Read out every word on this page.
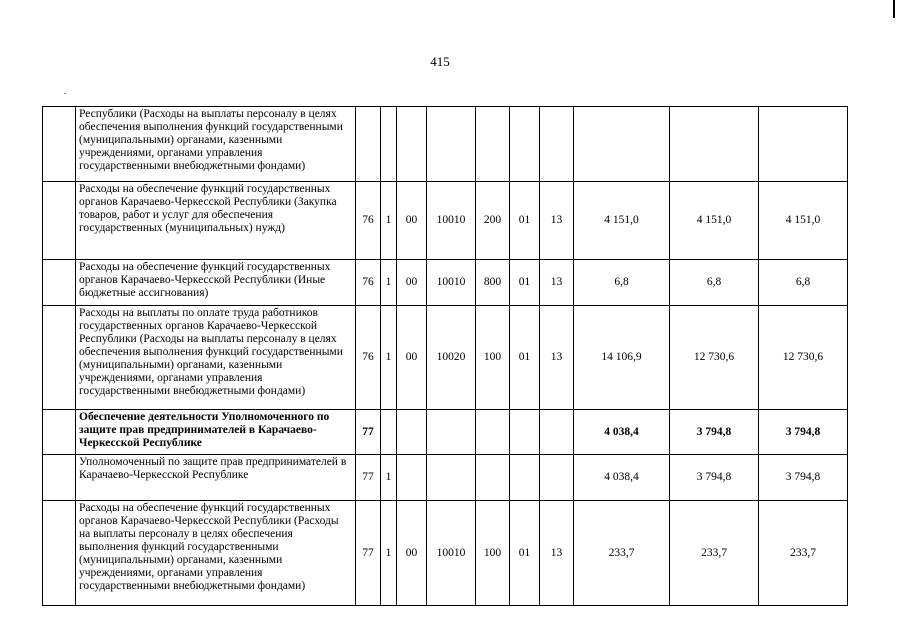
415
	Республики (Расходы на выплаты персоналу в целях обеспечения выполнения функций государственными (муниципальными) органами, казенными учреждениями, органами управления государственными внебюджетными фондами)										
	Расходы на обеспечение функций государственных органов Карачаево-Черкесской Республики (Закупка товаров, работ и услуг для обеспечения государственных (муниципальных) нужд)	76	1	00	10010	200	01	13	4 151,0	4 151,0	4 151,0
	Расходы на обеспечение функций государственных органов Карачаево-Черкесской Республики (Иные бюджетные ассигнования)	76	1	00	10010	800	01	13	6,8	6,8	6,8
	Расходы на выплаты по оплате труда работников государственных органов Карачаево-Черкесской Республики (Расходы на выплаты персоналу в целях обеспечения выполнения функций государственными (муниципальными) органами, казенными учреждениями, органами управления государственными внебюджетными фондами)	76	1	00	10020	100	01	13	14 106,9	12 730,6	12 730,6
	Обеспечение деятельности Уполномоченного по защите прав предпринимателей в Карачаево-Черкесской Республике	77							4 038,4	3 794,8	3 794,8
	Уполномоченный по защите прав предпринимателей в Карачаево-Черкесской Республике	77	1						4 038,4	3 794,8	3 794,8
	Расходы на обеспечение функций государственных органов Карачаево-Черкесской Республики (Расходы на выплаты персоналу в целях обеспечения выполнения функций государственными (муниципальными) органами, казенными учреждениями, органами управления государственными внебюджетными фондами)	77	1	00	10010	100	01	13	233,7	233,7	233,7
